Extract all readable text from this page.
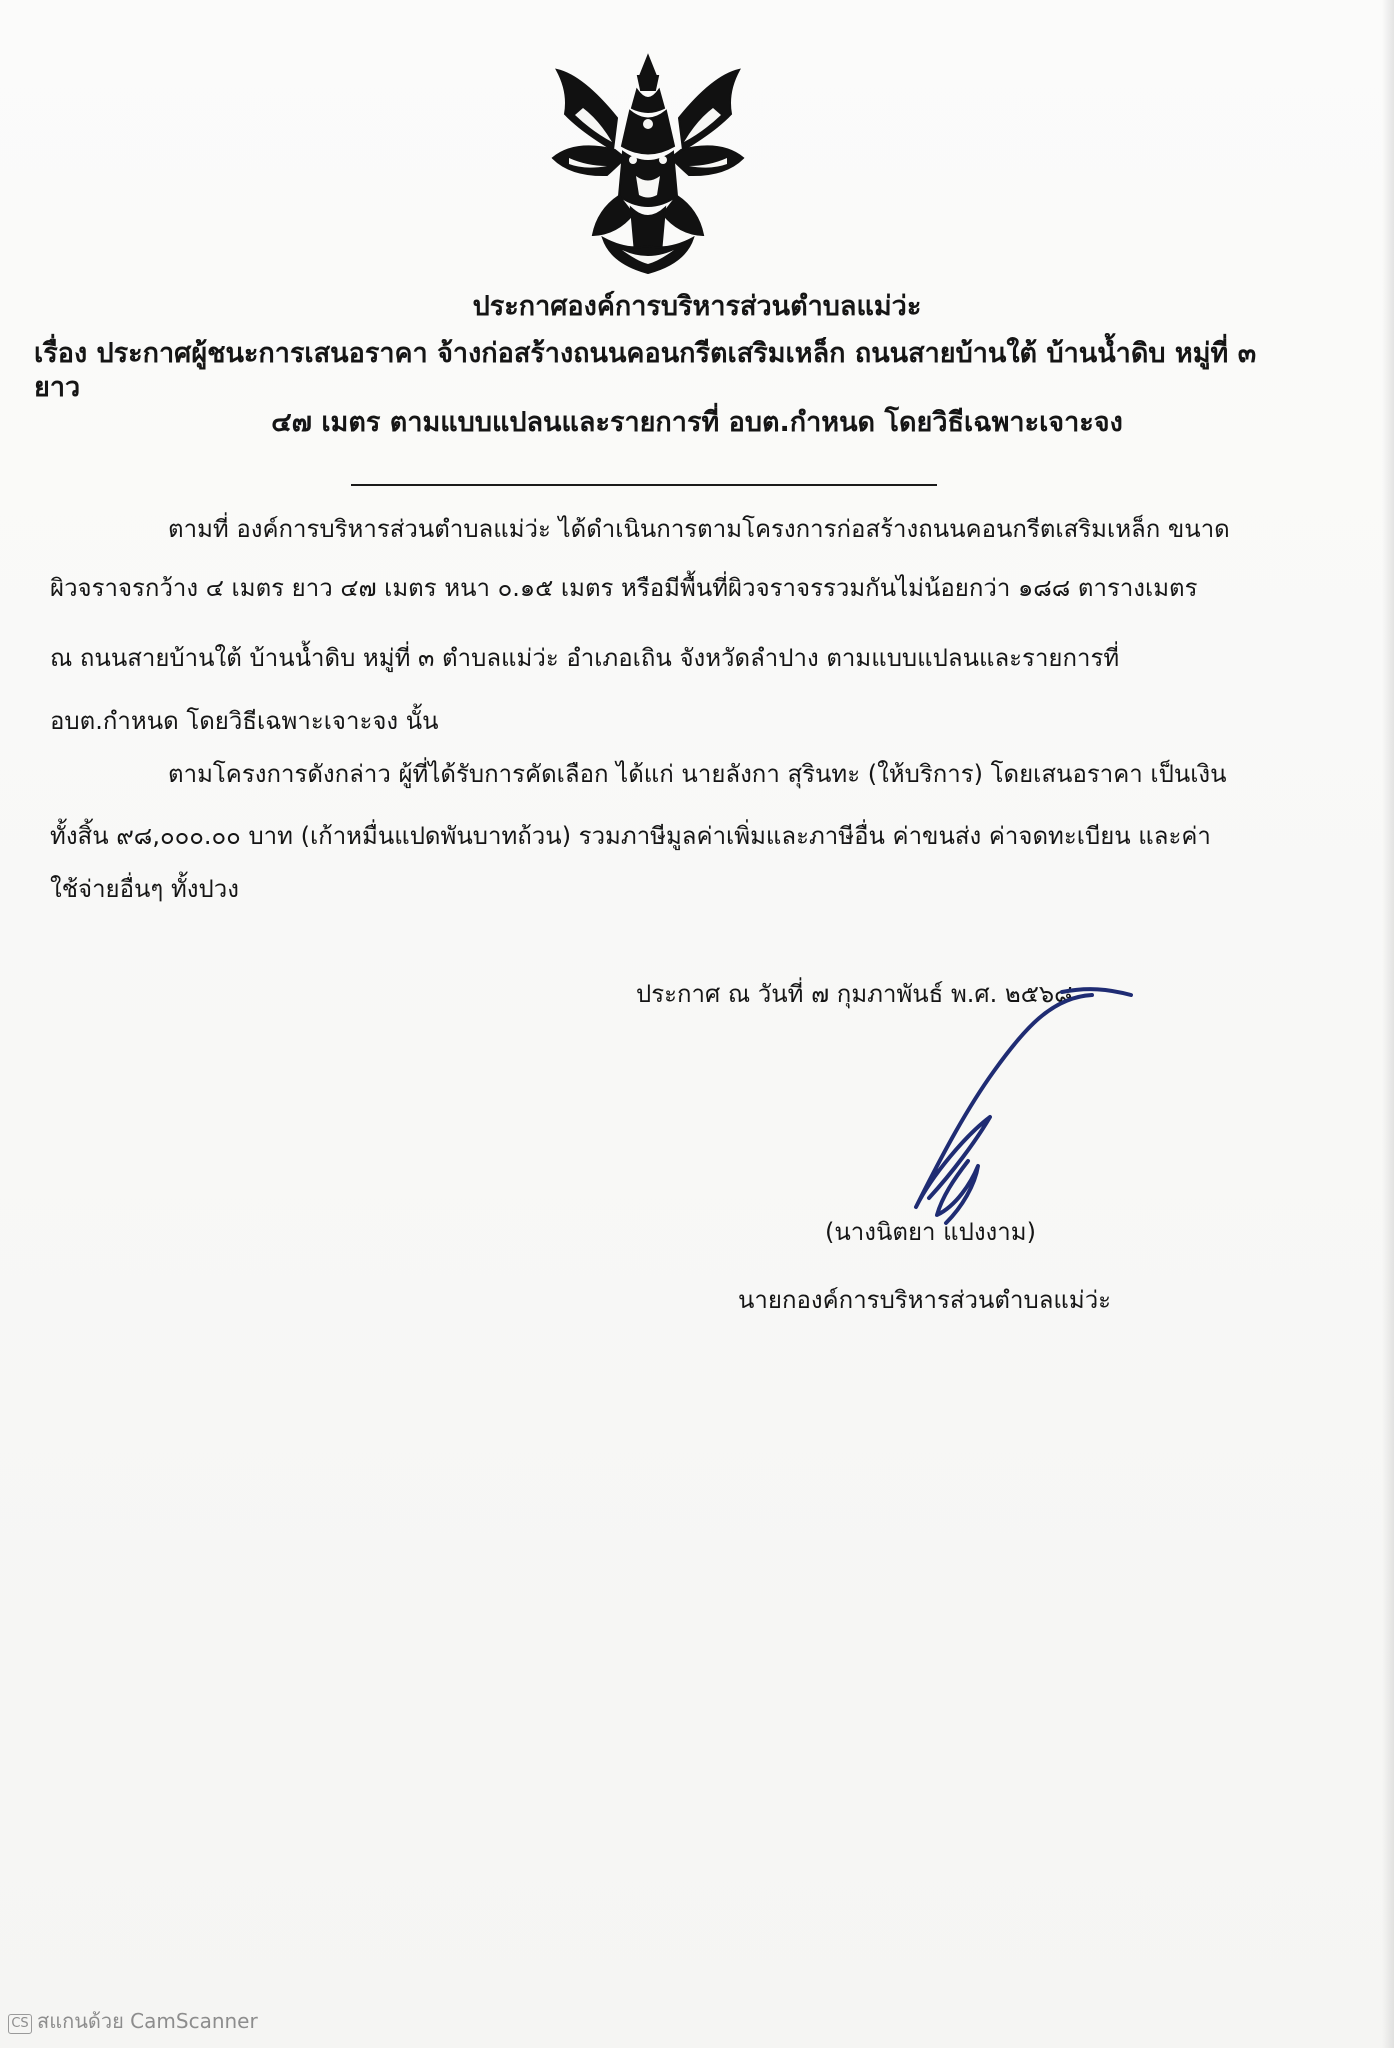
ประกาศองค์การบริหารส่วนตำบลแม่ว่ะ
เรื่อง ประกาศผู้ชนะการเสนอราคา จ้างก่อสร้างถนนคอนกรีตเสริมเหล็ก ถนนสายบ้านใต้ บ้านน้ำดิบ หมู่ที่ ๓ ยาว
๔๗ เมตร ตามแบบแปลนและรายการที่ อบต.กำหนด โดยวิธีเฉพาะเจาะจง
ตามที่ องค์การบริหารส่วนตำบลแม่ว่ะ ได้ดำเนินการตามโครงการก่อสร้างถนนคอนกรีตเสริมเหล็ก ขนาด
ผิวจราจรกว้าง ๔ เมตร ยาว ๔๗ เมตร หนา ๐.๑๕ เมตร หรือมีพื้นที่ผิวจราจรรวมกันไม่น้อยกว่า ๑๘๘ ตารางเมตร
ณ ถนนสายบ้านใต้ บ้านน้ำดิบ หมู่ที่ ๓ ตำบลแม่ว่ะ อำเภอเถิน จังหวัดลำปาง ตามแบบแปลนและรายการที่
อบต.กำหนด โดยวิธีเฉพาะเจาะจง นั้น
ตามโครงการดังกล่าว ผู้ที่ได้รับการคัดเลือก ได้แก่ นายลังกา สุรินทะ (ให้บริการ) โดยเสนอราคา เป็นเงิน
ทั้งสิ้น ๙๘,๐๐๐.๐๐ บาท (เก้าหมื่นแปดพันบาทถ้วน) รวมภาษีมูลค่าเพิ่มและภาษีอื่น ค่าขนส่ง ค่าจดทะเบียน และค่า
ใช้จ่ายอื่นๆ ทั้งปวง
ประกาศ ณ วันที่ ๗ กุมภาพันธ์ พ.ศ. ๒๕๖๘
(นางนิตยา แปงงาม)
นายกองค์การบริหารส่วนตำบลแม่ว่ะ
CS สแกนด้วย CamScanner
